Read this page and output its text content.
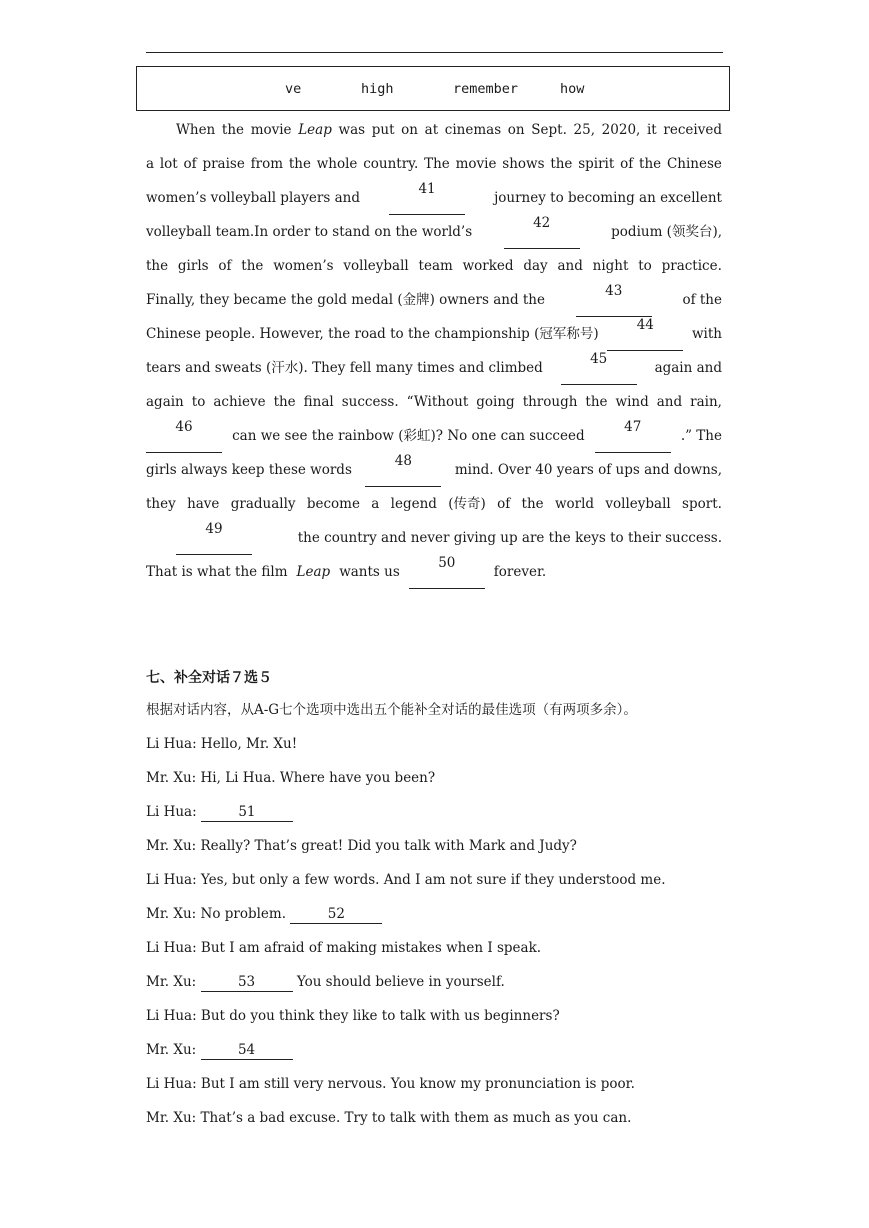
ve	high	remember	how
When the movie Leap was put on at cinemas on Sept. 25, 2020, it received
a lot of praise from the whole country. The movie shows the spirit of the Chinese
women’s volleyball players and
41
journey to becoming an excellent
volleyball team.In order to stand on the world’s
42
podium (领奖台),
the girls of the women’s volleyball team worked day and night to practice.
Finally, they became the gold medal (金牌) owners and the
43
of the
Chinese people. However, the road to the championship (冠军称号)
44
with
tears and sweats (汗水). They fell many times and climbed
45
again and
again to achieve the final success. “Without going through the wind and rain,
46
can we see the rainbow (彩虹)? No one can succeed
47
.” The
girls always keep these words
48
mind. Over 40 years of ups and downs,
they have gradually become a legend (传奇) of the world volleyball sport.
49
the country and never giving up are the keys to their success.
That is what the film Leap wants us
50
forever.
七、补全对话７选５
根据对话内容，从A-G七个选项中选出五个能补全对话的最佳选项（有两项多余）。
Li Hua: Hello, Mr. Xu!
Mr. Xu: Hi, Li Hua. Where have you been?
Li Hua:	51
Mr. Xu: Really? That’s great! Did you talk with Mark and Judy?
Li Hua: Yes, but only a few words. And I am not sure if they understood me.
Mr. Xu: No problem.	52
Li Hua: But I am afraid of making mistakes when I speak.
Mr. Xu:	53	You should believe in yourself.
Li Hua: But do you think they like to talk with us beginners?
Mr. Xu:	54
Li Hua: But I am still very nervous. You know my pronunciation is poor.
Mr. Xu: That’s a bad excuse. Try to talk with them as much as you can.
